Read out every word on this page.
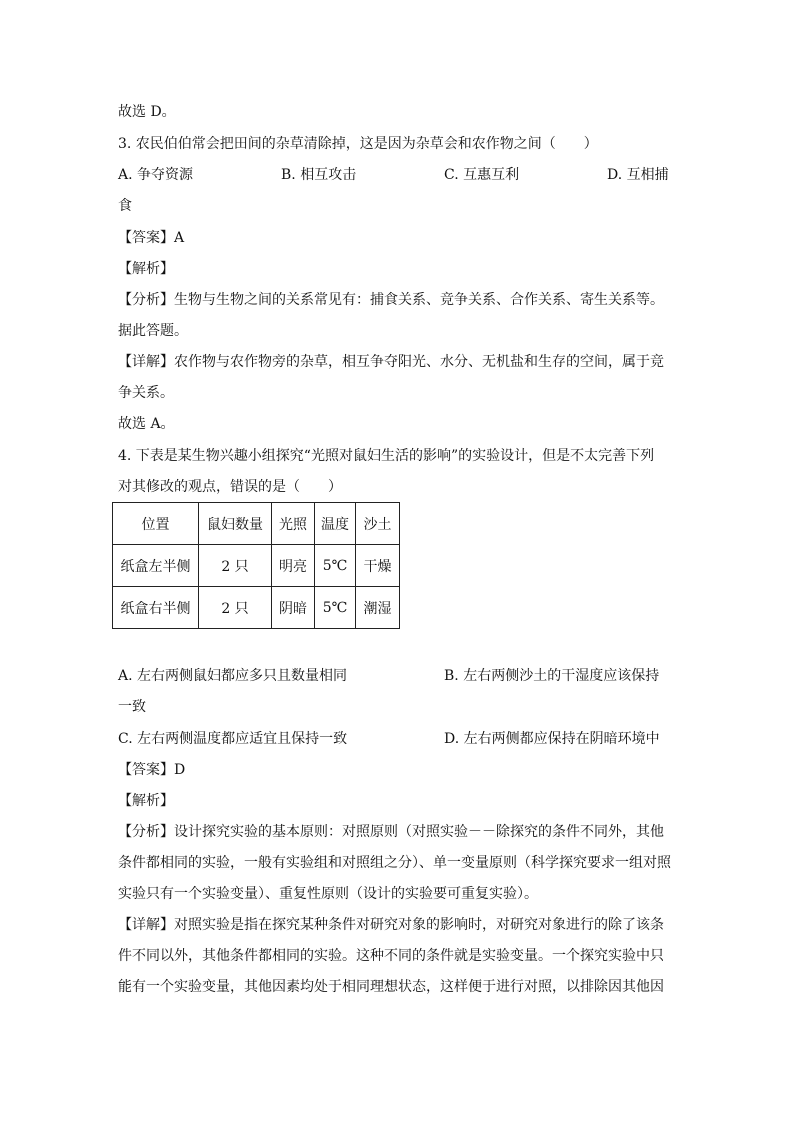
故选 D。
3. 农民伯伯常会把田间的杂草清除掉，这是因为杂草会和农作物之间（　　）
A. 争夺资源	B. 相互攻击	C. 互惠互利	D. 互相捕
食
【答案】A
【解析】
【分析】生物与生物之间的关系常见有：捕食关系、竞争关系、合作关系、寄生关系等。
据此答题。
【详解】农作物与农作物旁的杂草，相互争夺阳光、水分、无机盐和生存的空间，属于竞
争关系。
故选 A。
4. 下表是某生物兴趣小组探究“光照对鼠妇生活的影响”的实验设计，但是不太完善下列
对其修改的观点，错误的是（　　）
位置	鼠妇数量	光照	温度	沙土
纸盒左半侧	2 只	明亮	5℃	干燥
纸盒右半侧	2 只	阴暗	5℃	潮湿
A. 左右两侧鼠妇都应多只且数量相同	B. 左右两侧沙土的干湿度应该保持
一致
C. 左右两侧温度都应适宜且保持一致	D. 左右两侧都应保持在阴暗环境中
【答案】D
【解析】
【分析】设计探究实验的基本原则：对照原则（对照实验－－除探究的条件不同外，其他
条件都相同的实验，一般有实验组和对照组之分）、单一变量原则（科学探究要求一组对照
实验只有一个实验变量）、重复性原则（设计的实验要可重复实验）。
【详解】对照实验是指在探究某种条件对研究对象的影响时，对研究对象进行的除了该条
件不同以外，其他条件都相同的实验。这种不同的条件就是实验变量。一个探究实验中只
能有一个实验变量，其他因素均处于相同理想状态，这样便于进行对照，以排除因其他因
